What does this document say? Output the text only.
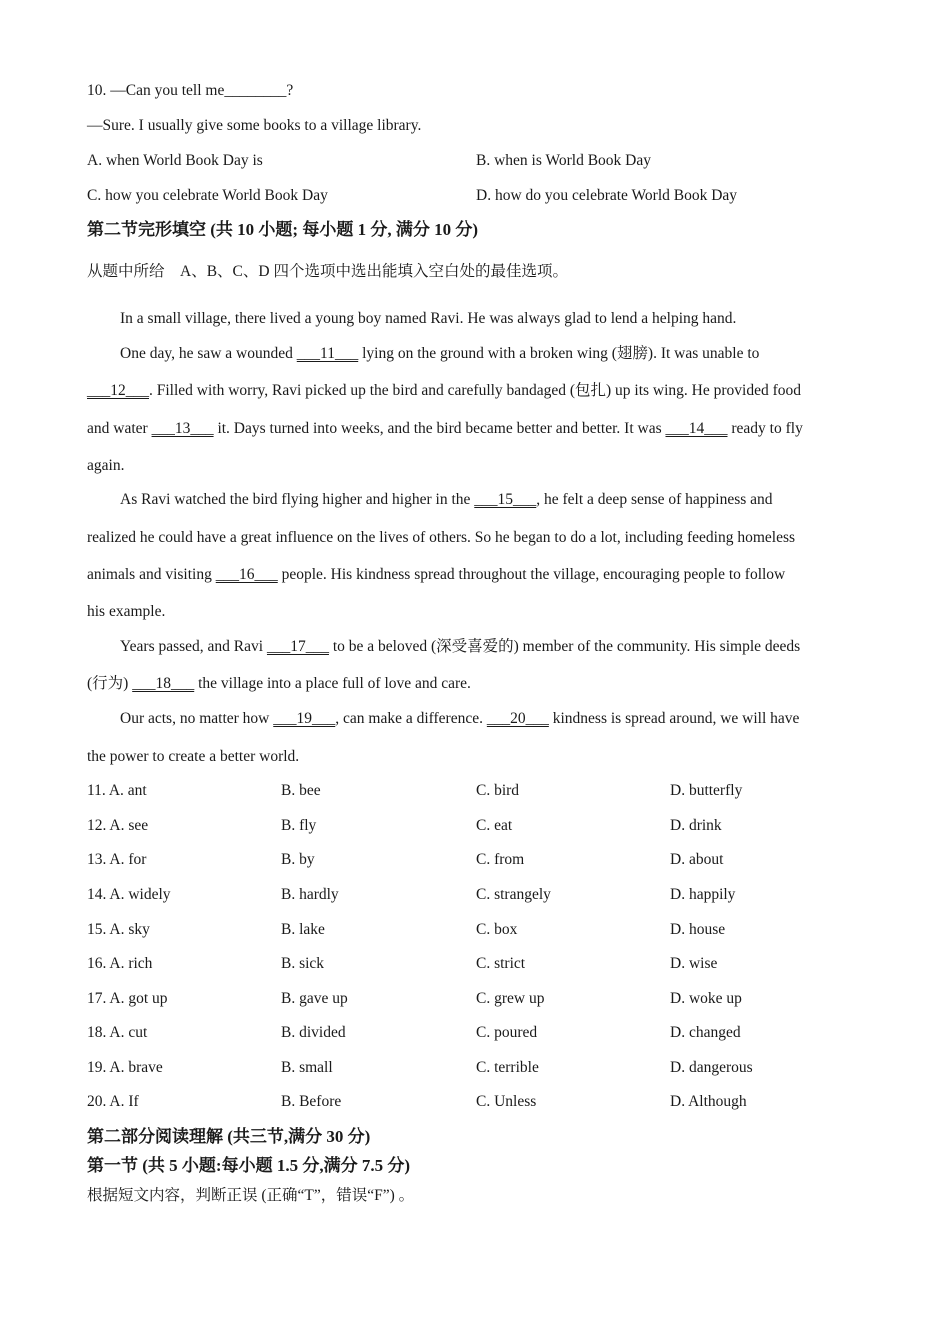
10. —Can you tell me________?
—Sure. I usually give some books to a village library.
A. when World Book Day is	B. when is World Book Day
C. how you celebrate World Book Day	D. how do you celebrate World Book Day
第二节完形填空 (共 10 小题; 每小题 1 分, 满分 10 分)
从题中所给　A、B、C、D 四个选项中选出能填入空白处的最佳选项。
In a small village, there lived a young boy named Ravi. He was always glad to lend a helping hand.
One day, he saw a wounded ___11___ lying on the ground with a broken wing (翅膀). It was unable to
___12___. Filled with worry, Ravi picked up the bird and carefully bandaged (包扎) up its wing. He provided food
and water ___13___ it. Days turned into weeks, and the bird became better and better. It was ___14___ ready to fly
again.
As Ravi watched the bird flying higher and higher in the ___15___, he felt a deep sense of happiness and
realized he could have a great influence on the lives of others. So he began to do a lot, including feeding homeless
animals and visiting ___16___ people. His kindness spread throughout the village, encouraging people to follow
his example.
Years passed, and Ravi ___17___ to be a beloved (深受喜爱的) member of the community. His simple deeds
(行为) ___18___ the village into a place full of love and care.
Our acts, no matter how ___19___, can make a difference. ___20___ kindness is spread around, we will have
the power to create a better world.
11. A. ant	B. bee	C. bird	D. butterfly
12. A. see	B. fly	C. eat	D. drink
13. A. for	B. by	C. from	D. about
14. A. widely	B. hardly	C. strangely	D. happily
15. A. sky	B. lake	C. box	D. house
16. A. rich	B. sick	C. strict	D. wise
17. A. got up	B. gave up	C. grew up	D. woke up
18. A. cut	B. divided	C. poured	D. changed
19. A. brave	B. small	C. terrible	D. dangerous
20. A. If	B. Before	C. Unless	D. Although
第二部分阅读理解 (共三节,满分 30 分)
第一节 (共 5 小题:每小题 1.5 分,满分 7.5 分)
根据短文内容，判断正误 (正确“T”，错误“F”) 。
